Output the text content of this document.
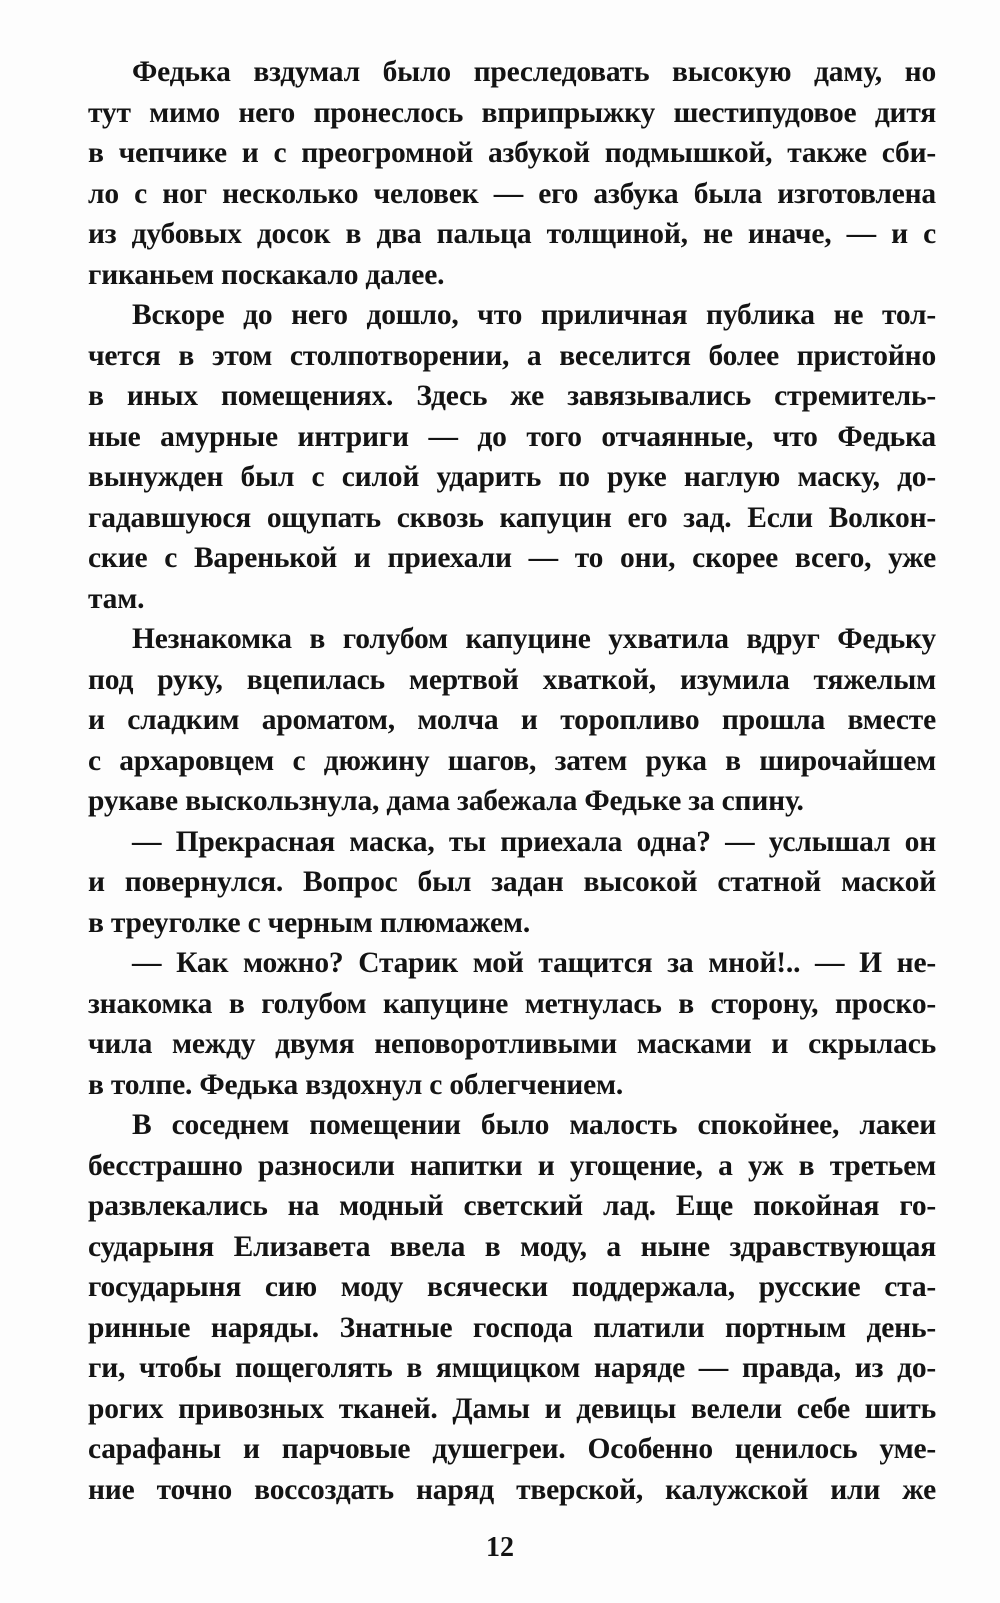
Федька вздумал было преследовать высокую даму, но
тут мимо него пронеслось вприпрыжку шестипудовое дитя
в чепчике и с преогромной азбукой подмышкой, также сби-
ло с ног несколько человек — его азбука была изготовлена
из дубовых досок в два пальца толщиной, не иначе, — и с
гиканьем поскакало далее.
Вскоре до него дошло, что приличная публика не тол-
чется в этом столпотворении, а веселится более пристойно
в иных помещениях. Здесь же завязывались стремитель-
ные амурные интриги — до того отчаянные, что Федька
вынужден был с силой ударить по руке наглую маску, до-
гадавшуюся ощупать сквозь капуцин его зад. Если Волкон-
ские с Варенькой и приехали — то они, скорее всего, уже
там.
Незнакомка в голубом капуцине ухватила вдруг Федьку
под руку, вцепилась мертвой хваткой, изумила тяжелым
и сладким ароматом, молча и торопливо прошла вместе
с архаровцем с дюжину шагов, затем рука в широчайшем
рукаве выскользнула, дама забежала Федьке за спину.
— Прекрасная маска, ты приехала одна? — услышал он
и повернулся. Вопрос был задан высокой статной маской
в треуголке с черным плюмажем.
— Как можно? Старик мой тащится за мной!.. — И не-
знакомка в голубом капуцине метнулась в сторону, проско-
чила между двумя неповоротливыми масками и скрылась
в толпе. Федька вздохнул с облегчением.
В соседнем помещении было малость спокойнее, лакеи
бесстрашно разносили напитки и угощение, а уж в третьем
развлекались на модный светский лад. Еще покойная го-
сударыня Елизавета ввела в моду, а ныне здравствующая
государыня сию моду всячески поддержала, русские ста-
ринные наряды. Знатные господа платили портным день-
ги, чтобы пощеголять в ямщицком наряде — правда, из до-
рогих привозных тканей. Дамы и девицы велели себе шить
сарафаны и парчовые душегреи. Особенно ценилось уме-
ние точно воссоздать наряд тверской, калужской или же
12
